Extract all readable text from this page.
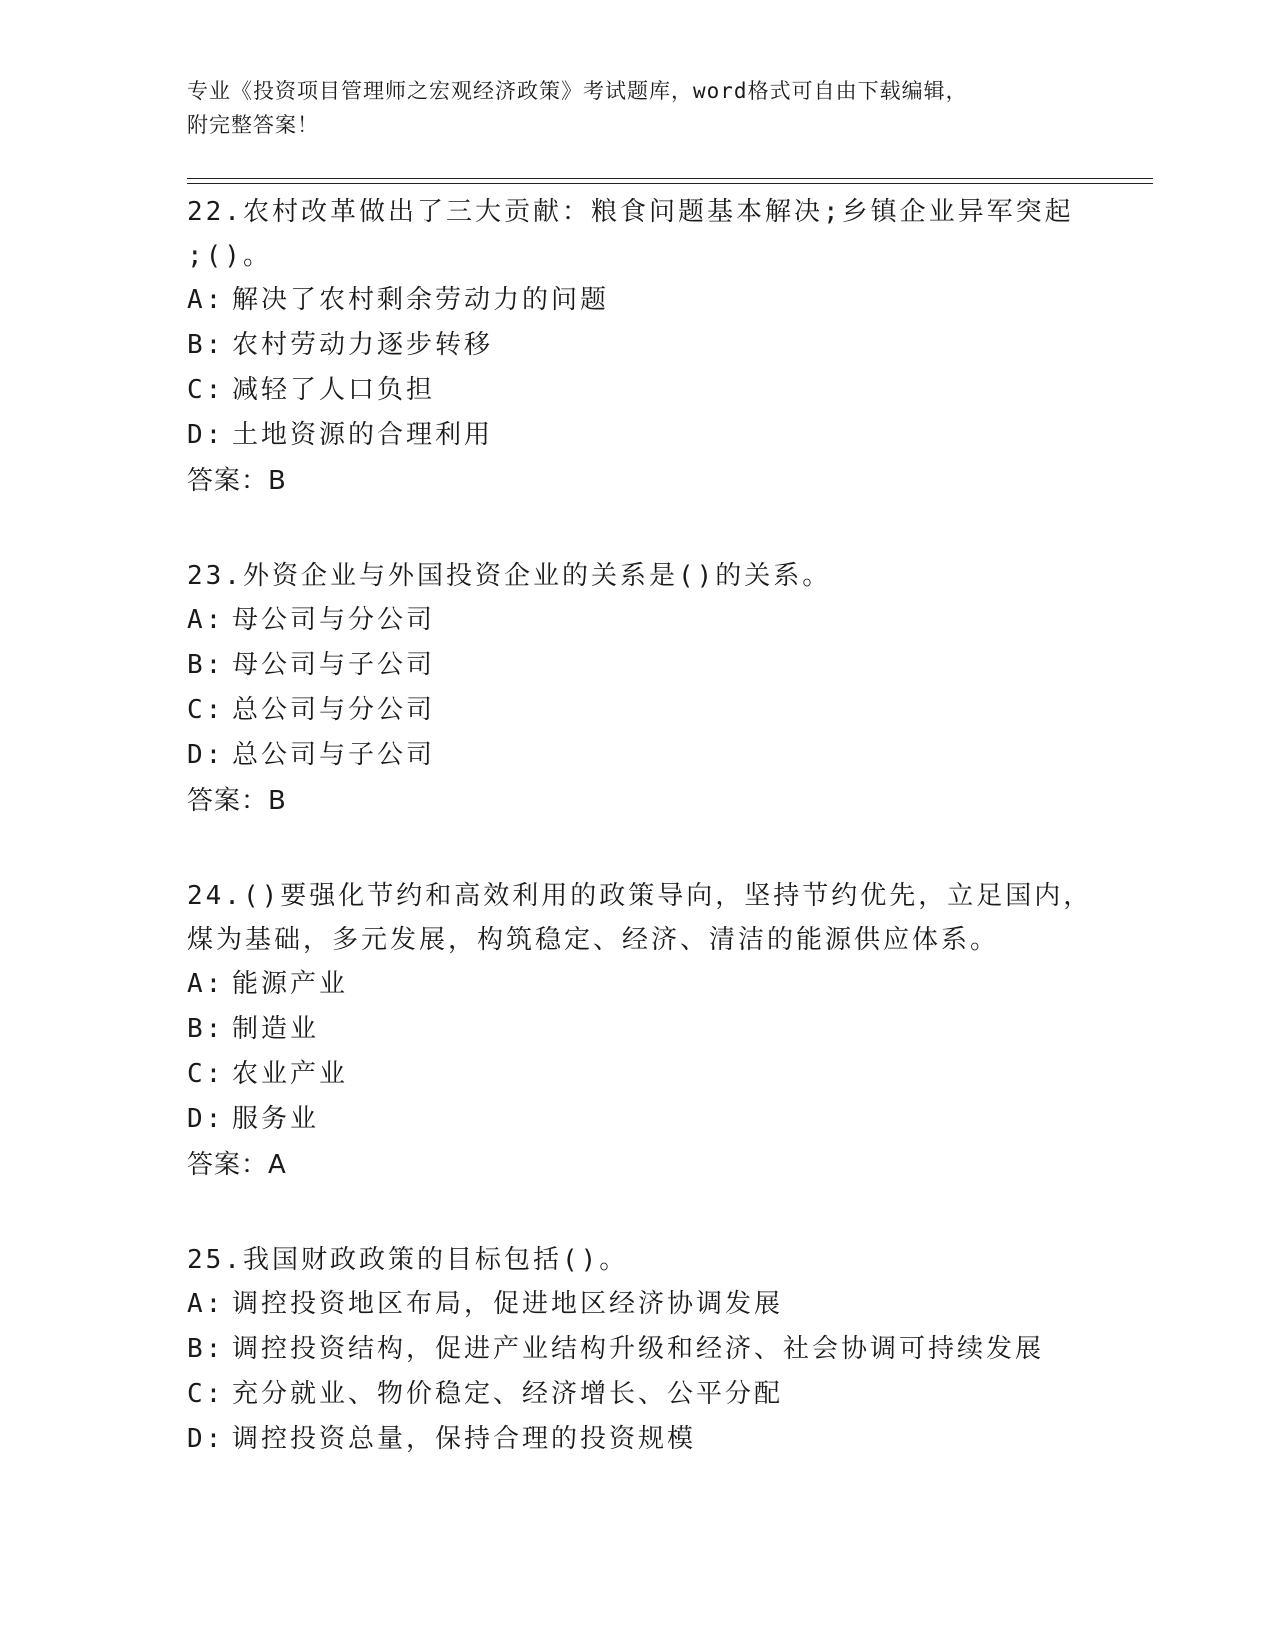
专业《投资项目管理师之宏观经济政策》考试题库，word格式可自由下载编辑，
附完整答案！

22.农村改革做出了三大贡献：粮食问题基本解决;乡镇企业异军突起
;()。

A: 解决了农村剩余劳动力的问题

B: 农村劳动力逐步转移

C: 减轻了人口负担

D: 土地资源的合理利用

答案：B

23.外资企业与外国投资企业的关系是()的关系。

A: 母公司与分公司

B: 母公司与子公司

C: 总公司与分公司

D: 总公司与子公司

答案：B

24.()要强化节约和高效利用的政策导向，坚持节约优先，立足国内，
煤为基础，多元发展，构筑稳定、经济、清洁的能源供应体系。

A: 能源产业

B: 制造业

C: 农业产业

D: 服务业

答案：A

25.我国财政政策的目标包括()。

A: 调控投资地区布局，促进地区经济协调发展

B: 调控投资结构，促进产业结构升级和经济、社会协调可持续发展

C: 充分就业、物价稳定、经济增长、公平分配

D: 调控投资总量，保持合理的投资规模
